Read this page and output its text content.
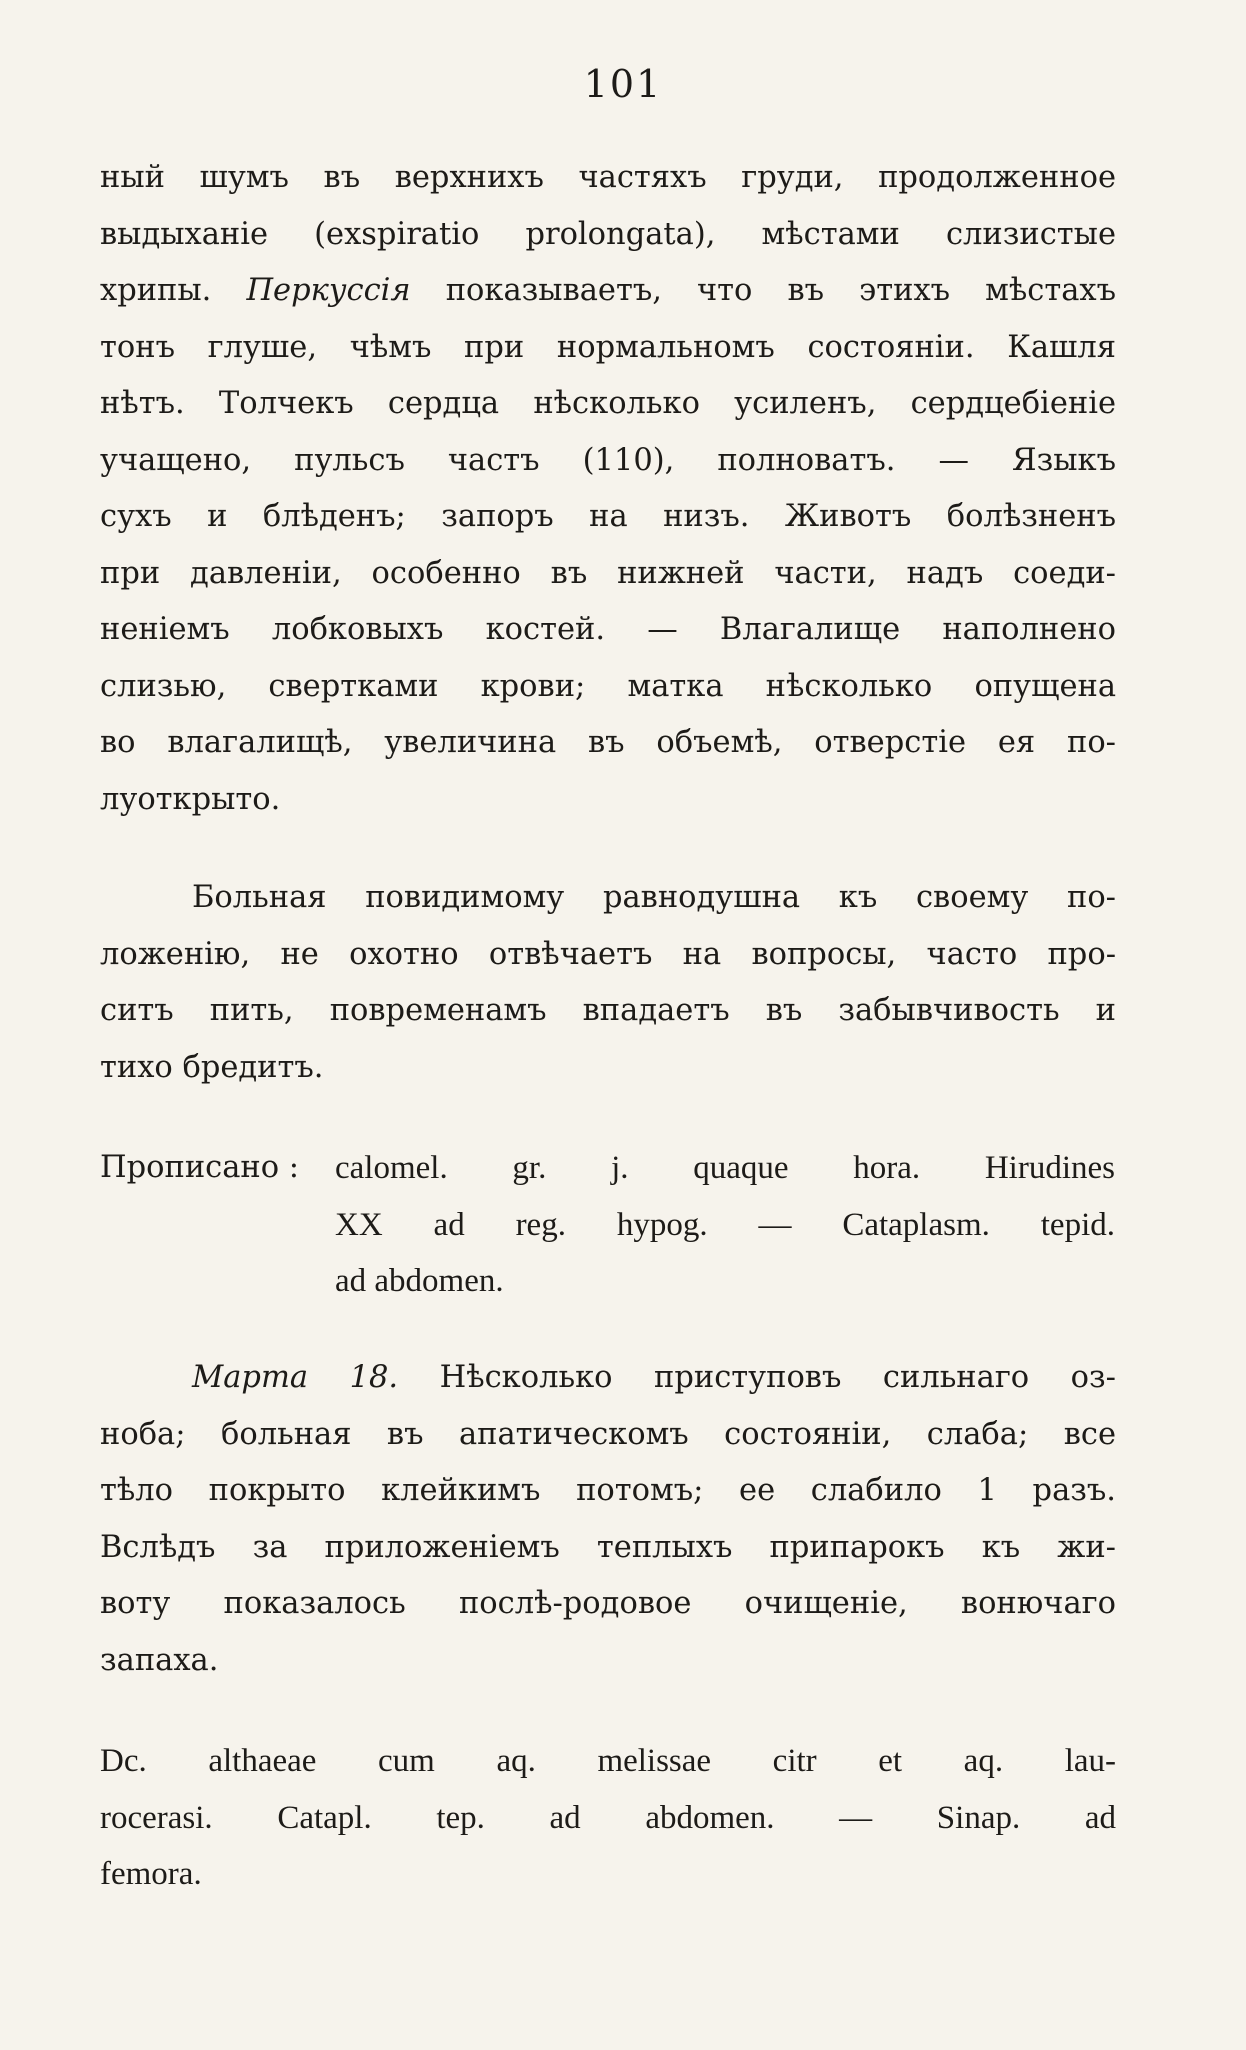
101
ный шумъ въ верхнихъ частяхъ груди, продолженное
выдыханіе (exspiratio prolongata), мѣстами слизистые
хрипы. Перкуссія показываетъ, что въ этихъ мѣстахъ
тонъ глуше, чѣмъ при нормальномъ состояніи. Кашля
нѣтъ. Толчекъ сердца нѣсколько усиленъ, сердцебіеніе
учащено, пульсъ частъ (110), полноватъ. — Языкъ
сухъ и блѣденъ; запоръ на низъ. Животъ болѣзненъ
при давленіи, особенно въ нижней части, надъ соеди-
неніемъ лобковыхъ костей. — Влагалище наполнено
слизью, свертками крови; матка нѣсколько опущена
во влагалищѣ, увеличина въ объемѣ, отверстіе ея по-
луоткрыто.
Больная повидимому равнодушна къ своему по-
ложенію, не охотно отвѣчаетъ на вопросы, часто про-
ситъ пить, повременамъ впадаетъ въ забывчивость и
тихо бредитъ.
Прописано :	calomel. gr. j. quaque hora. Hirudines
XX ad reg. hypog. — Cataplasm. tepid.
ad abdomen.
Марта 18. Нѣсколько приступовъ сильнаго оз-
ноба; больная въ апатическомъ состояніи, слаба; все
тѣло покрыто клейкимъ потомъ; ее слабило 1 разъ.
Вслѣдъ за приложеніемъ теплыхъ припарокъ къ жи-
воту показалось послѣ-родовое очищеніе, вонючаго
запаха.
Dc. althaeae cum aq. melissae citr et aq. lau-
rocerasi. Catapl. tep. ad abdomen. — Sinap. ad
femora.
